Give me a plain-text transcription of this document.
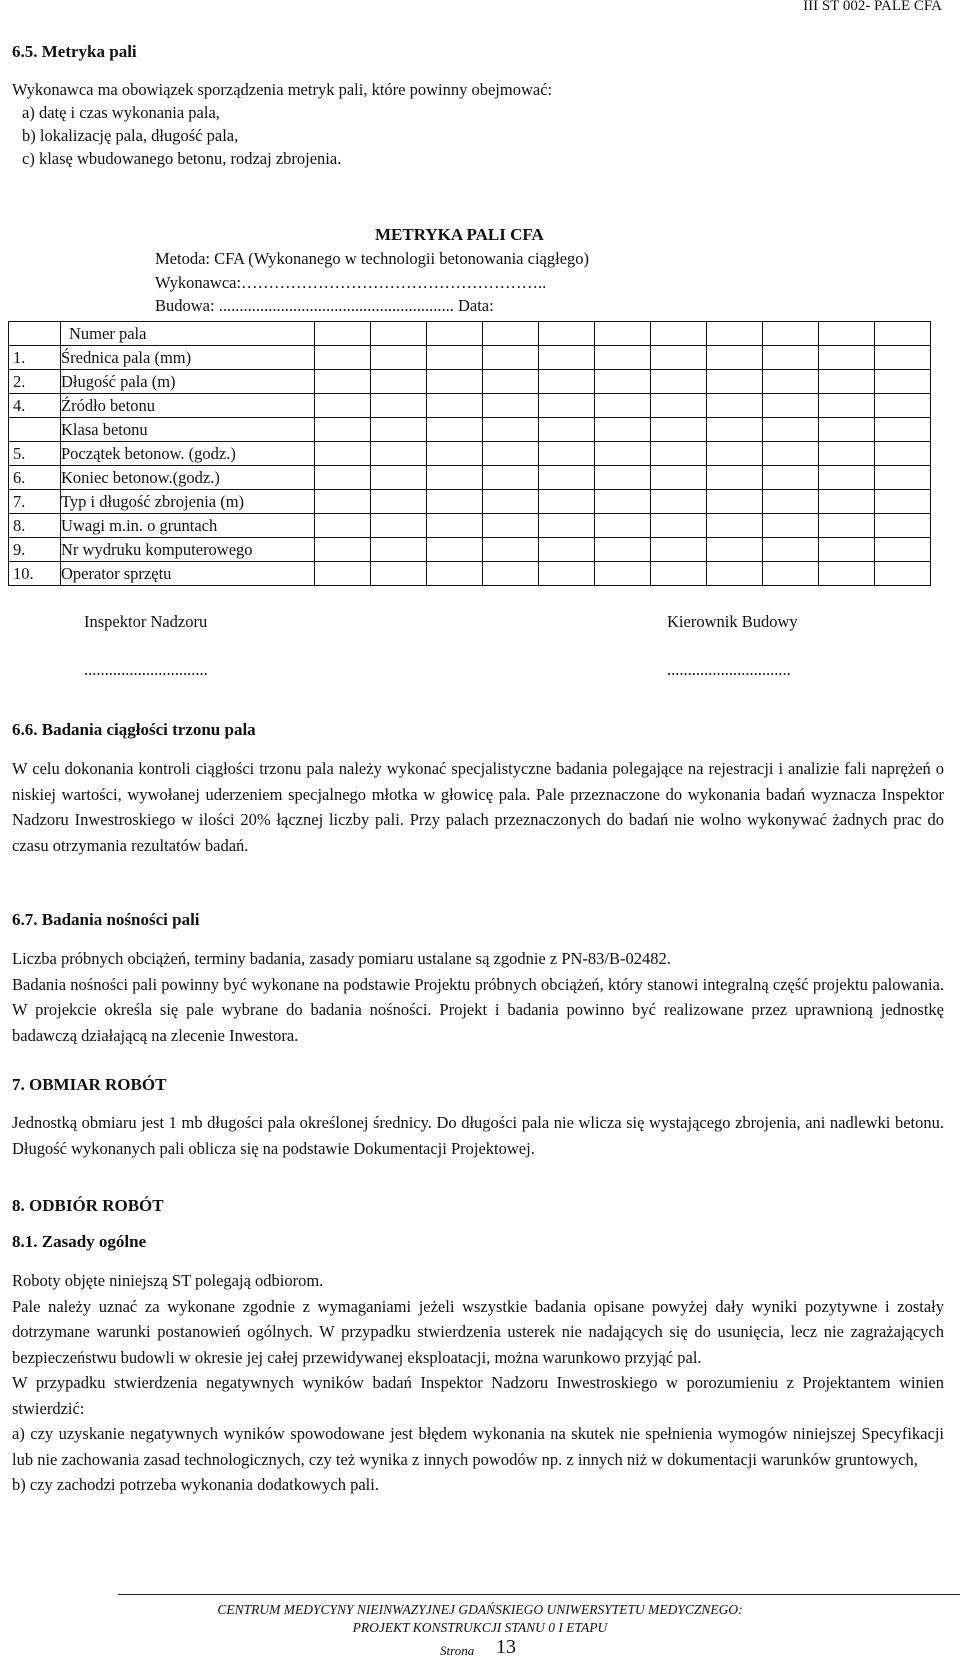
III ST 002- PALE CFA
6.5. Metryka pali
Wykonawca ma obowiązek sporządzenia metryk pali, które powinny obejmować:
a) datę i czas wykonania pala,
b) lokalizację pala, długość pala,
c) klasę wbudowanego betonu, rodzaj zbrojenia.
METRYKA PALI CFA
Metoda: CFA (Wykonanego w technologii betonowania ciągłego)
Wykonawca:………………………………………………..
Budowa: ......................................................... Data:
	Numer pala											
1.	Średnica pala (mm)											
2.	Długość pala (m)											
4.	Źródło betonu											
	Klasa betonu											
5.	Początek betonow. (godz.)											
6.	Koniec betonow.(godz.)											
7.	Typ i długość zbrojenia (m)											
8.	Uwagi m.in. o gruntach											
9.	Nr wydruku komputerowego											
10.	Operator sprzętu											
Inspektor Nadzoru
..............................
Kierownik Budowy
..............................
6.6. Badania ciągłości trzonu pala

W celu dokonania kontroli ciągłości trzonu pala należy wykonać specjalistyczne badania polegające na rejestracji i analizie fali naprężeń o niskiej wartości, wywołanej uderzeniem specjalnego młotka w głowicę pala. Pale przeznaczone do wykonania badań wyznacza Inspektor Nadzoru Inwestroskiego w ilości 20% łącznej liczby pali. Przy palach przeznaczonych do badań nie wolno wykonywać żadnych prac do czasu otrzymania rezultatów badań.

6.7. Badania nośności pali

Liczba próbnych obciążeń, terminy badania, zasady pomiaru ustalane są zgodnie z PN-83/B-02482.

Badania nośności pali powinny być wykonane na podstawie Projektu próbnych obciążeń, który stanowi integralną część projektu palowania. W projekcie określa się pale wybrane do badania nośności. Projekt i badania powinno być realizowane przez uprawnioną jednostkę badawczą działającą na zlecenie Inwestora.

7. OBMIAR ROBÓT

Jednostką obmiaru jest 1 mb długości pala określonej średnicy. Do długości pala nie wlicza się wystającego zbrojenia, ani nadlewki betonu. Długość wykonanych pali oblicza się na podstawie Dokumentacji Projektowej.

8. ODBIÓR ROBÓT
8.1. Zasady ogólne

Roboty objęte niniejszą ST polegają odbiorom.

Pale należy uznać za wykonane zgodnie z wymaganiami jeżeli wszystkie badania opisane powyżej dały wyniki pozytywne i zostały dotrzymane warunki postanowień ogólnych. W przypadku stwierdzenia usterek nie nadających się do usunięcia, lecz nie zagrażających bezpieczeństwu budowli w okresie jej całej przewidywanej eksploatacji, można warunkowo przyjąć pal.

W przypadku stwierdzenia negatywnych wyników badań Inspektor Nadzoru Inwestroskiego w porozumieniu z Projektantem winien stwierdzić:

a) czy uzyskanie negatywnych wyników spowodowane jest błędem wykonania na skutek nie spełnienia wymogów niniejszej Specyfikacji lub nie zachowania zasad technologicznych, czy też wynika z innych powodów np. z innych niż w dokumentacji warunków gruntowych,

b) czy zachodzi potrzeba wykonania dodatkowych pali.

CENTRUM MEDYCYNY NIEINWAZYJNEJ GDAŃSKIEGO UNIWERSYTETU MEDYCZNEGO:
PROJEKT KONSTRUKCJI STANU 0 I ETAPU
Strona 13
